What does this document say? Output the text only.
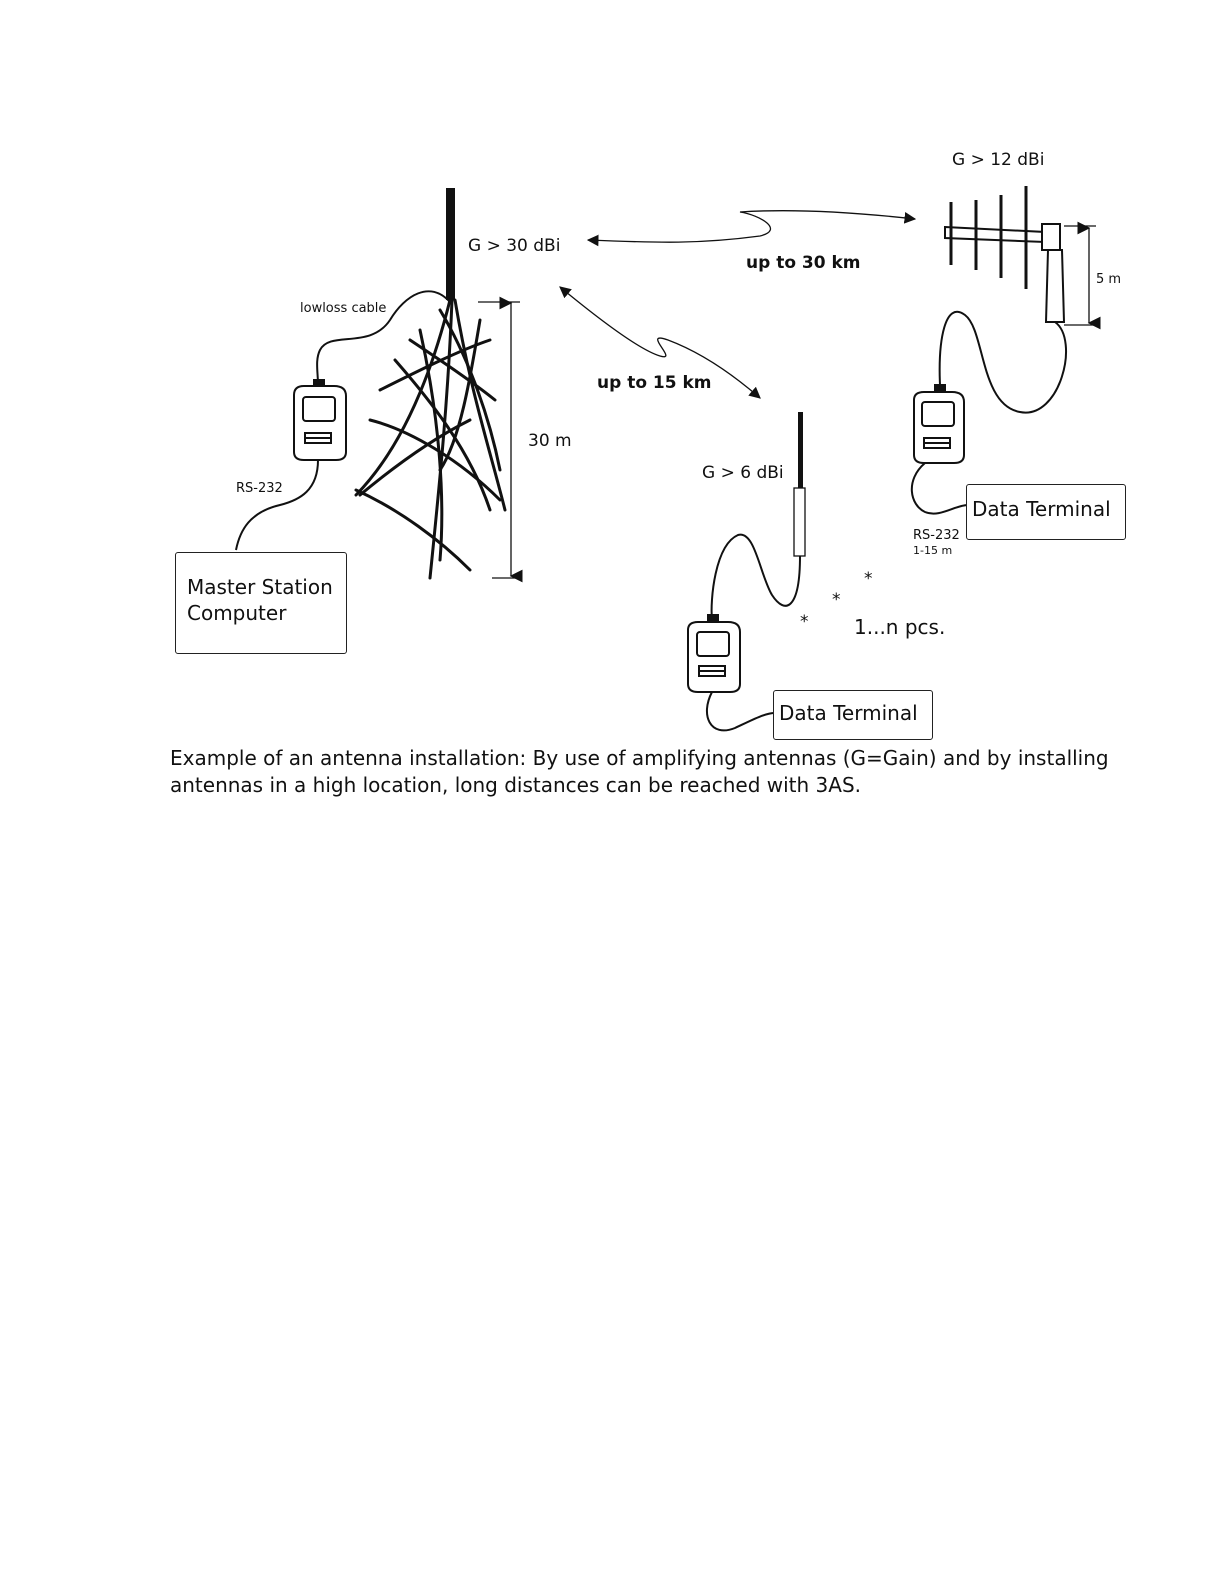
G > 30 dBi
G > 12 dBi
G > 6 dBi
up to 30 km
up to 15 km
30 m
5 m
lowloss cable
RS-232
RS-232
1-15 m
1...n pcs.
*
*
*
Master Station
Computer
Data Terminal
Data Terminal
Example of an antenna installation: By use of amplifying antennas (G=Gain) and by installing antennas in a high location, long distances can be reached with 3AS.
